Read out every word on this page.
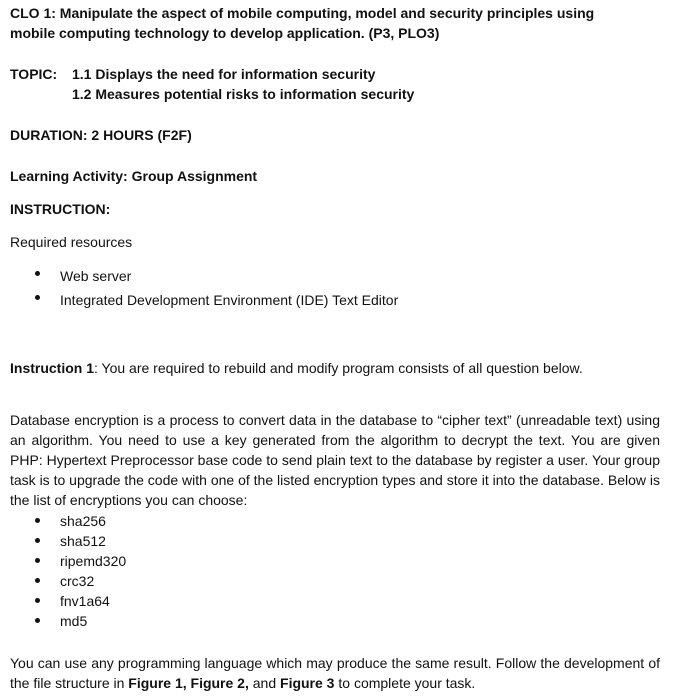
CLO 1: Manipulate the aspect of mobile computing, model and security principles using
mobile computing technology to develop application. (P3, PLO3)
TOPIC:	1.1 Displays the need for information security
1.2 Measures potential risks to information security
DURATION: 2 HOURS (F2F)
Learning Activity: Group Assignment
INSTRUCTION:
Required resources
Web server
Integrated Development Environment (IDE) Text Editor
Instruction 1: You are required to rebuild and modify program consists of all question below.

Database encryption is a process to convert data in the database to “cipher text” (unreadable text) using an algorithm. You need to use a key generated from the algorithm to decrypt the text. You are given PHP: Hypertext Preprocessor base code to send plain text to the database by register a user. Your group task is to upgrade the code with one of the listed encryption types and store it into the database. Below is the list of encryptions you can choose:

sha256
sha512
ripemd320
crc32
fnv1a64
md5

You can use any programming language which may produce the same result. Follow the development of the file structure in Figure 1, Figure 2, and Figure 3 to complete your task.
